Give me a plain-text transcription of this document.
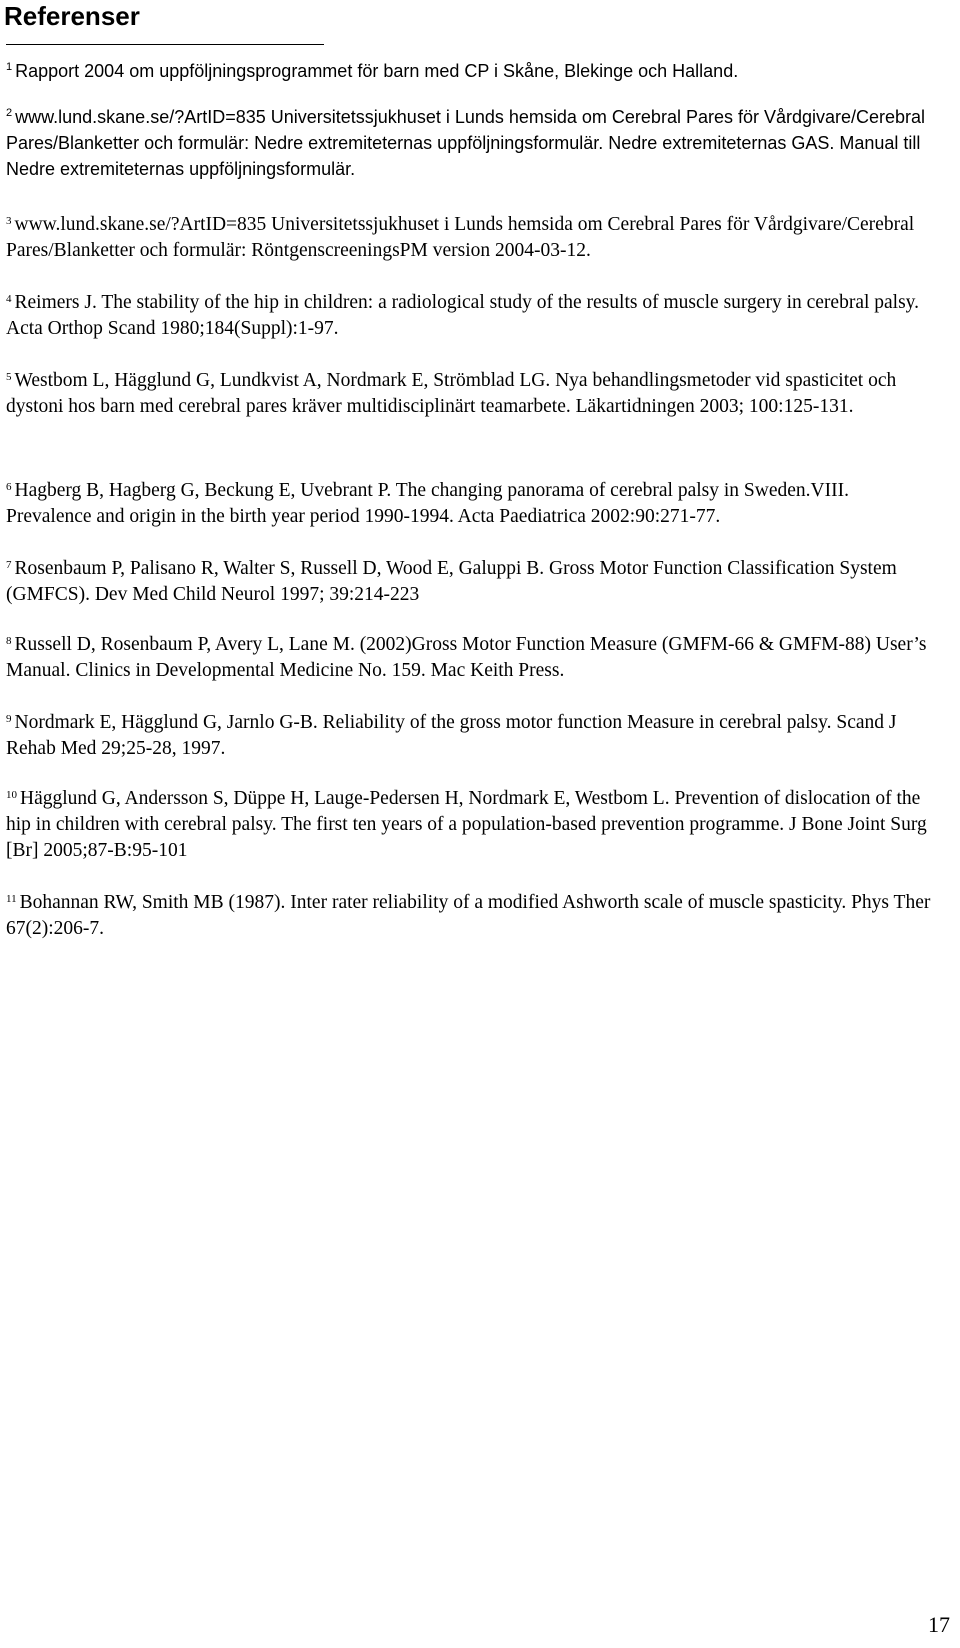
Referenser

$^1$ Rapport 2004 om uppföljningsprogrammet för barn med CP i Skåne, Blekinge och Halland.

$^2$ www.lund.skane.se/?ArtID=835 Universitetssjukhuset i Lunds hemsida om Cerebral Pares för Vårdgivare/Cerebral Pares/Blanketter och formulär: Nedre extremiteternas uppföljningsformulär. Nedre extremiteternas GAS. Manual till Nedre extremiteternas uppföljningsformulär.

$^3$ www.lund.skane.se/?ArtID=835 Universitetssjukhuset i Lunds hemsida om Cerebral Pares för Vårdgivare/Cerebral Pares/Blanketter och formulär: RöntgenscreeningsPM version 2004-03-12.

$^4$ Reimers J. The stability of the hip in children: a radiological study of the results of muscle surgery in cerebral palsy. Acta Orthop Scand 1980;184(Suppl):1-97.

$^5$ Westbom L, Hägglund G, Lundkvist A, Nordmark E, Strömblad LG. Nya behandlingsmetoder vid spasticitet och dystoni hos barn med cerebral pares kräver multidisciplinärt teamarbete. Läkartidningen 2003; 100:125-131.

$^6$ Hagberg B, Hagberg G, Beckung E, Uvebrant P. The changing panorama of cerebral palsy in Sweden.VIII. Prevalence and origin in the birth year period 1990-1994. Acta Paediatrica 2002:90:271-77.

$^7$ Rosenbaum P, Palisano R, Walter S, Russell D, Wood E, Galuppi B. Gross Motor Function Classification System (GMFCS). Dev Med Child Neurol 1997; 39:214-223

$^8$ Russell D, Rosenbaum P, Avery L, Lane M. (2002)Gross Motor Function Measure (GMFM-66 & GMFM-88) User’s Manual. Clinics in Developmental Medicine No. 159. Mac Keith Press.

$^9$ Nordmark E, Hägglund G, Jarnlo G-B. Reliability of the gross motor function Measure in cerebral palsy. Scand J Rehab Med 29;25-28, 1997.

$^{10}$ Hägglund G, Andersson S, Düppe H, Lauge-Pedersen H, Nordmark E, Westbom L. Prevention of dislocation of the hip in children with cerebral palsy. The first ten years of a population-based prevention programme. J Bone Joint Surg [Br] 2005;87-B:95-101

$^{11}$ Bohannan RW, Smith MB (1987). Inter rater reliability of a modified Ashworth scale of muscle spasticity. Phys Ther 67(2):206-7.

17
